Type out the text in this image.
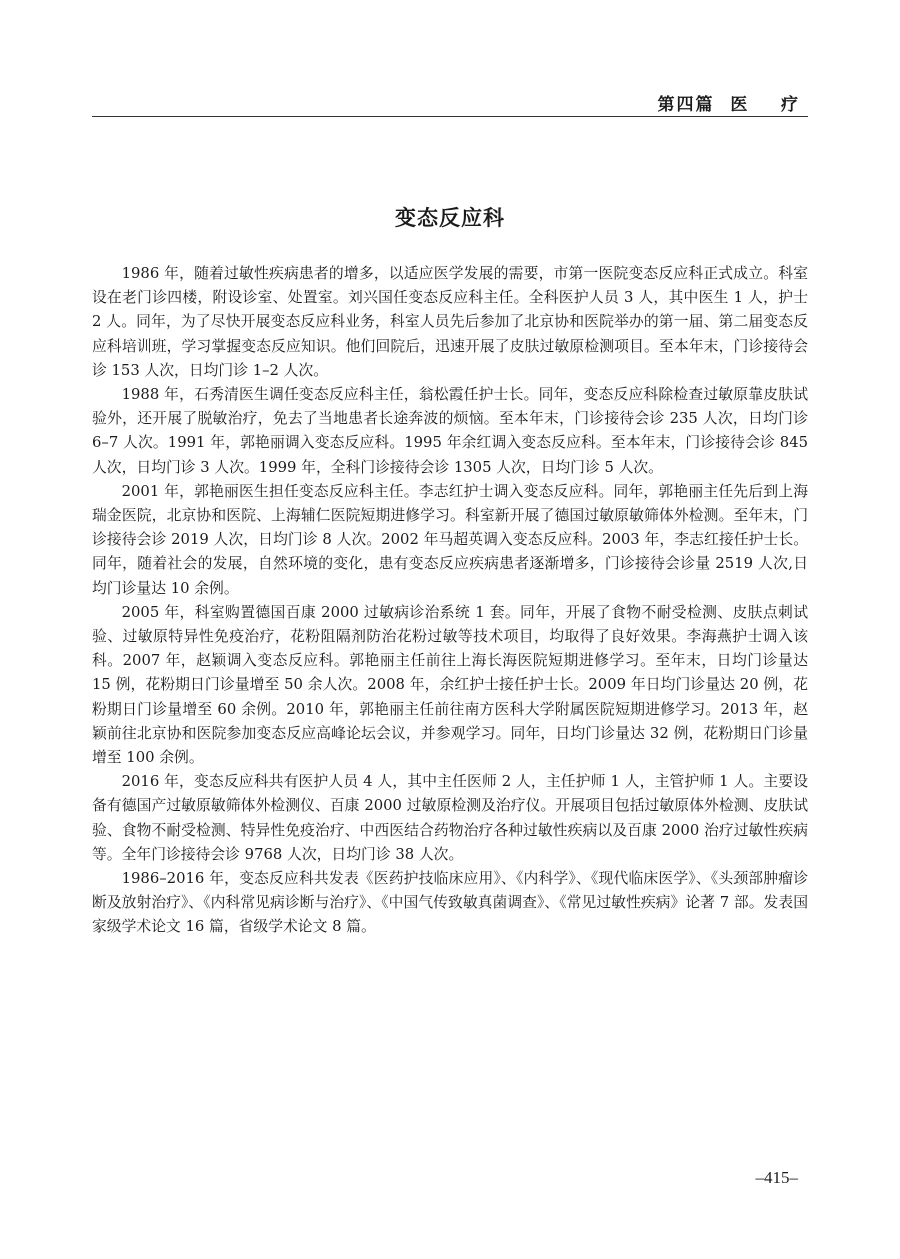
第四篇  医    疗
变态反应科

1986 年，随着过敏性疾病患者的增多，以适应医学发展的需要，市第一医院变态反应科正式成立。科室设在老门诊四楼，附设诊室、处置室。刘兴国任变态反应科主任。全科医护人员 3 人，其中医生 1 人，护士 2 人。同年，为了尽快开展变态反应科业务，科室人员先后参加了北京协和医院举办的第一届、第二届变态反应科培训班，学习掌握变态反应知识。他们回院后，迅速开展了皮肤过敏原检测项目。至本年末，门诊接待会诊 153 人次，日均门诊 1–2 人次。

1988 年，石秀清医生调任变态反应科主任，翁松霞任护士长。同年，变态反应科除检查过敏原靠皮肤试验外，还开展了脱敏治疗，免去了当地患者长途奔波的烦恼。至本年末，门诊接待会诊 235 人次，日均门诊 6–7 人次。1991 年，郭艳丽调入变态反应科。1995 年余红调入变态反应科。至本年末，门诊接待会诊 845 人次，日均门诊 3 人次。1999 年，全科门诊接待会诊 1305 人次，日均门诊 5 人次。

2001 年，郭艳丽医生担任变态反应科主任。李志红护士调入变态反应科。同年，郭艳丽主任先后到上海瑞金医院，北京协和医院、上海辅仁医院短期进修学习。科室新开展了德国过敏原敏筛体外检测。至年末，门诊接待会诊 2019 人次，日均门诊 8 人次。2002 年马超英调入变态反应科。2003 年，李志红接任护士长。同年，随着社会的发展，自然环境的变化，患有变态反应疾病患者逐渐增多，门诊接待会诊量 2519 人次,日均门诊量达 10 余例。

2005 年，科室购置德国百康 2000 过敏病诊治系统 1 套。同年，开展了食物不耐受检测、皮肤点刺试验、过敏原特异性免疫治疗，花粉阻隔剂防治花粉过敏等技术项目，均取得了良好效果。李海燕护士调入该科。2007 年，赵颖调入变态反应科。郭艳丽主任前往上海长海医院短期进修学习。至年末，日均门诊量达 15 例，花粉期日门诊量增至 50 余人次。2008 年，余红护士接任护士长。2009 年日均门诊量达 20 例，花粉期日门诊量增至 60 余例。2010 年，郭艳丽主任前往南方医科大学附属医院短期进修学习。2013 年，赵颖前往北京协和医院参加变态反应高峰论坛会议，并参观学习。同年，日均门诊量达 32 例，花粉期日门诊量增至 100 余例。

2016 年，变态反应科共有医护人员 4 人，其中主任医师 2 人，主任护师 1 人，主管护师 1 人。主要设备有德国产过敏原敏筛体外检测仪、百康 2000 过敏原检测及治疗仪。开展项目包括过敏原体外检测、皮肤试验、食物不耐受检测、特异性免疫治疗、中西医结合药物治疗各种过敏性疾病以及百康 2000 治疗过敏性疾病等。全年门诊接待会诊 9768 人次，日均门诊 38 人次。

1986–2016 年，变态反应科共发表《医药护技临床应用》、《内科学》、《现代临床医学》、《头颈部肿瘤诊断及放射治疗》、《内科常见病诊断与治疗》、《中国气传致敏真菌调查》、《常见过敏性疾病》论著 7 部。发表国家级学术论文 16 篇，省级学术论文 8 篇。

–415–
